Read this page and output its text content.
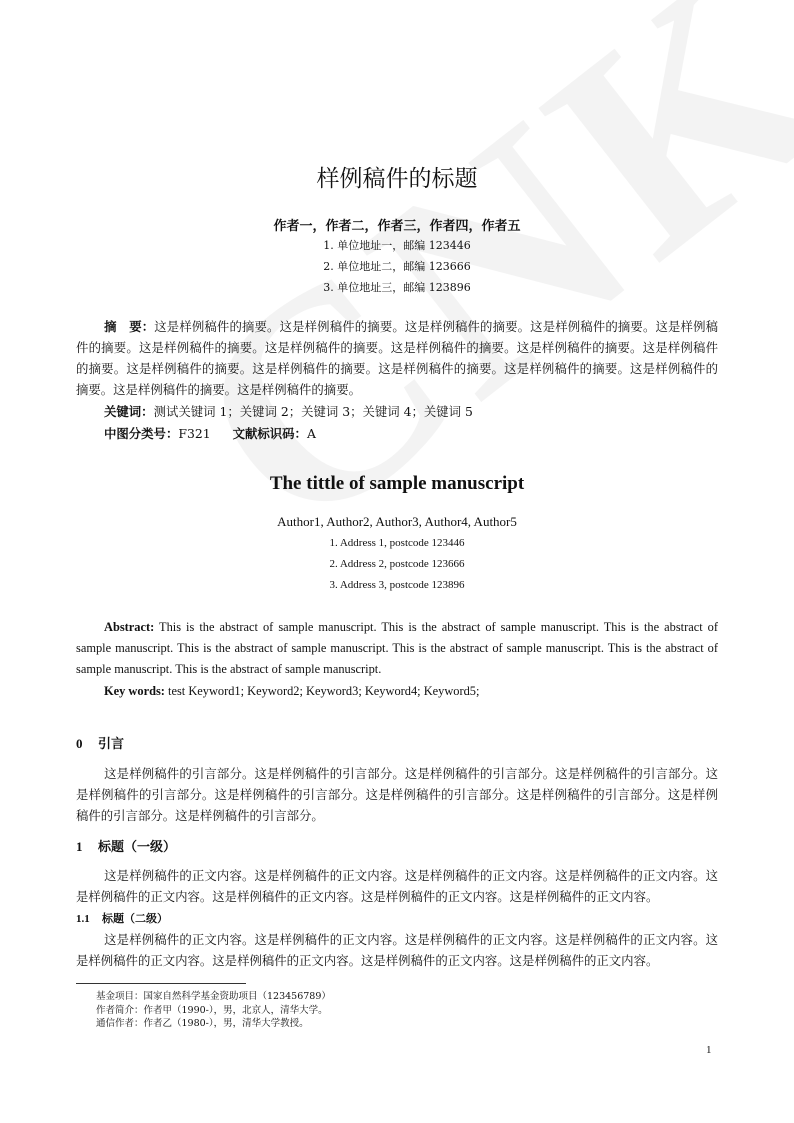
样例稿件的标题
作者一，作者二，作者三，作者四，作者五
1. 单位地址一，邮编 123446
2. 单位地址二，邮编 123666
3. 单位地址三，邮编 123896
摘　要：这是样例稿件的摘要。这是样例稿件的摘要。这是样例稿件的摘要。这是样例稿件的摘要。这是样例稿件的摘要。这是样例稿件的摘要。这是样例稿件的摘要。这是样例稿件的摘要。这是样例稿件的摘要。这是样例稿件的摘要。这是样例稿件的摘要。这是样例稿件的摘要。这是样例稿件的摘要。这是样例稿件的摘要。这是样例稿件的摘要。这是样例稿件的摘要。这是样例稿件的摘要。
关键词：测试关键词 1；关键词 2；关键词 3；关键词 4；关键词 5
中图分类号：F321 文献标识码：A
The tittle of sample manuscript
Author1, Author2, Author3, Author4, Author5
1. Address 1, postcode 123446
2. Address 2, postcode 123666
3. Address 3, postcode 123896
Abstract: This is the abstract of sample manuscript. This is the abstract of sample manuscript. This is the abstract of sample manuscript. This is the abstract of sample manuscript. This is the abstract of sample manuscript. This is the abstract of sample manuscript. This is the abstract of sample manuscript.
Key words: test Keyword1; Keyword2; Keyword3; Keyword4; Keyword5;
0 引言
这是样例稿件的引言部分。这是样例稿件的引言部分。这是样例稿件的引言部分。这是样例稿件的引言部分。这是样例稿件的引言部分。这是样例稿件的引言部分。这是样例稿件的引言部分。这是样例稿件的引言部分。这是样例稿件的引言部分。这是样例稿件的引言部分。
1 标题（一级）
这是样例稿件的正文内容。这是样例稿件的正文内容。这是样例稿件的正文内容。这是样例稿件的正文内容。这是样例稿件的正文内容。这是样例稿件的正文内容。这是样例稿件的正文内容。这是样例稿件的正文内容。
1.1 标题（二级）
这是样例稿件的正文内容。这是样例稿件的正文内容。这是样例稿件的正文内容。这是样例稿件的正文内容。这是样例稿件的正文内容。这是样例稿件的正文内容。这是样例稿件的正文内容。这是样例稿件的正文内容。
基金项目：国家自然科学基金资助项目（123456789）
作者简介：作者甲（1990-），男，北京人，清华大学。
通信作者：作者乙（1980-），男，清华大学教授。
1
